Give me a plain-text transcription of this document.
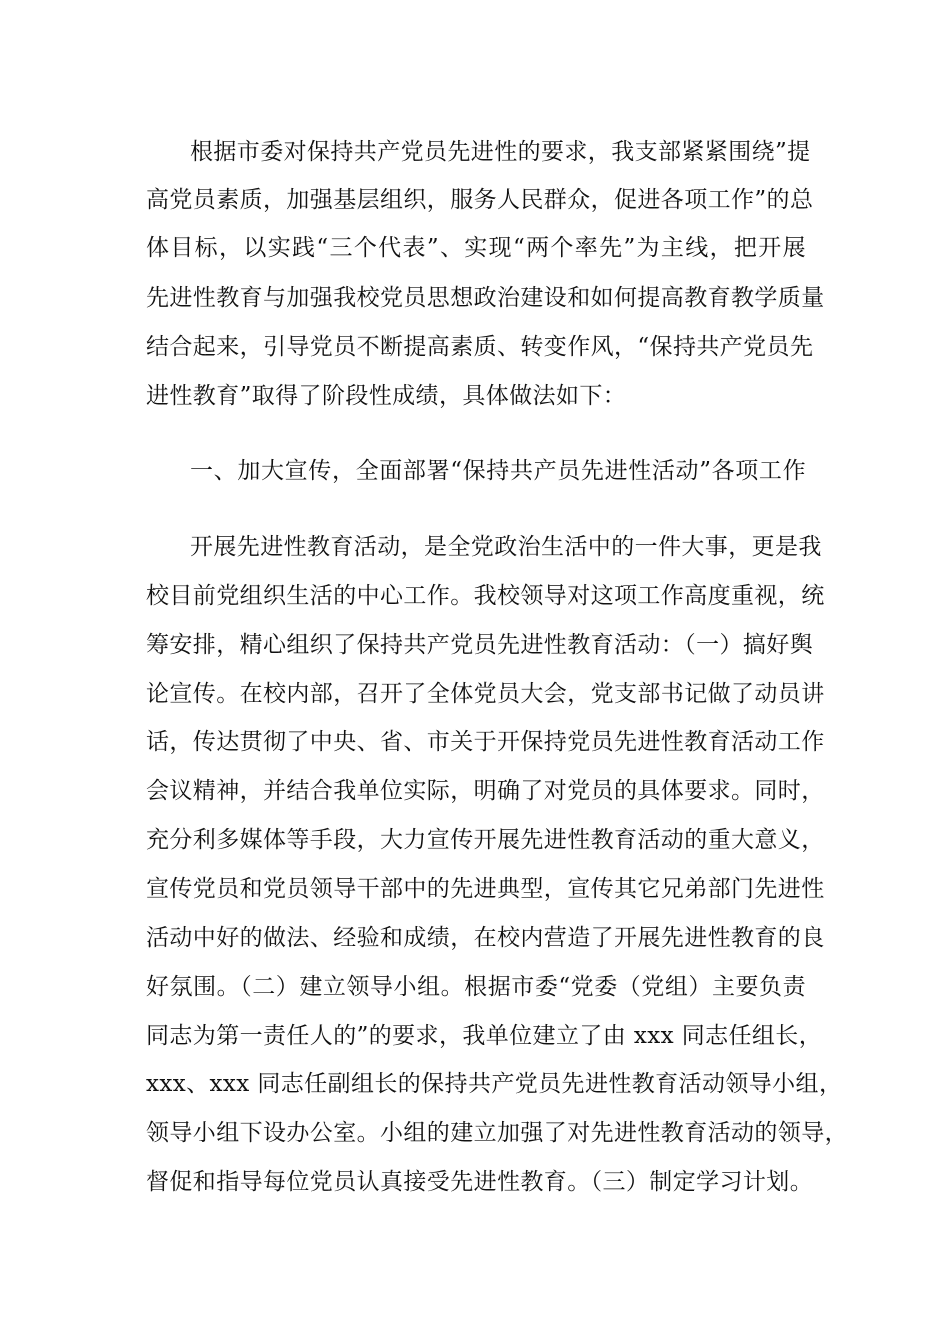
根据市委对保持共产党员先进性的要求，我支部紧紧围绕”提
高党员素质，加强基层组织，服务人民群众，促进各项工作”的总
体目标，以实践“三个代表”、实现“两个率先”为主线，把开展
先进性教育与加强我校党员思想政治建设和如何提高教育教学质量
结合起来，引导党员不断提高素质、转变作风，“保持共产党员先
进性教育”取得了阶段性成绩，具体做法如下：
一、加大宣传，全面部署“保持共产员先进性活动”各项工作
开展先进性教育活动，是全党政治生活中的一件大事，更是我
校目前党组织生活的中心工作。我校领导对这项工作高度重视，统
筹安排，精心组织了保持共产党员先进性教育活动：（一）搞好舆
论宣传。在校内部，召开了全体党员大会，党支部书记做了动员讲
话，传达贯彻了中央、省、市关于开保持党员先进性教育活动工作
会议精神，并结合我单位实际，明确了对党员的具体要求。同时，
充分利多媒体等手段，大力宣传开展先进性教育活动的重大意义，
宣传党员和党员领导干部中的先进典型，宣传其它兄弟部门先进性
活动中好的做法、经验和成绩，在校内营造了开展先进性教育的良
好氛围。（二）建立领导小组。根据市委“党委（党组）主要负责
同志为第一责任人的”的要求，我单位建立了由 xxx 同志任组长，
xxx、xxx 同志任副组长的保持共产党员先进性教育活动领导小组，
领导小组下设办公室。小组的建立加强了对先进性教育活动的领导，
督促和指导每位党员认真接受先进性教育。（三）制定学习计划。
